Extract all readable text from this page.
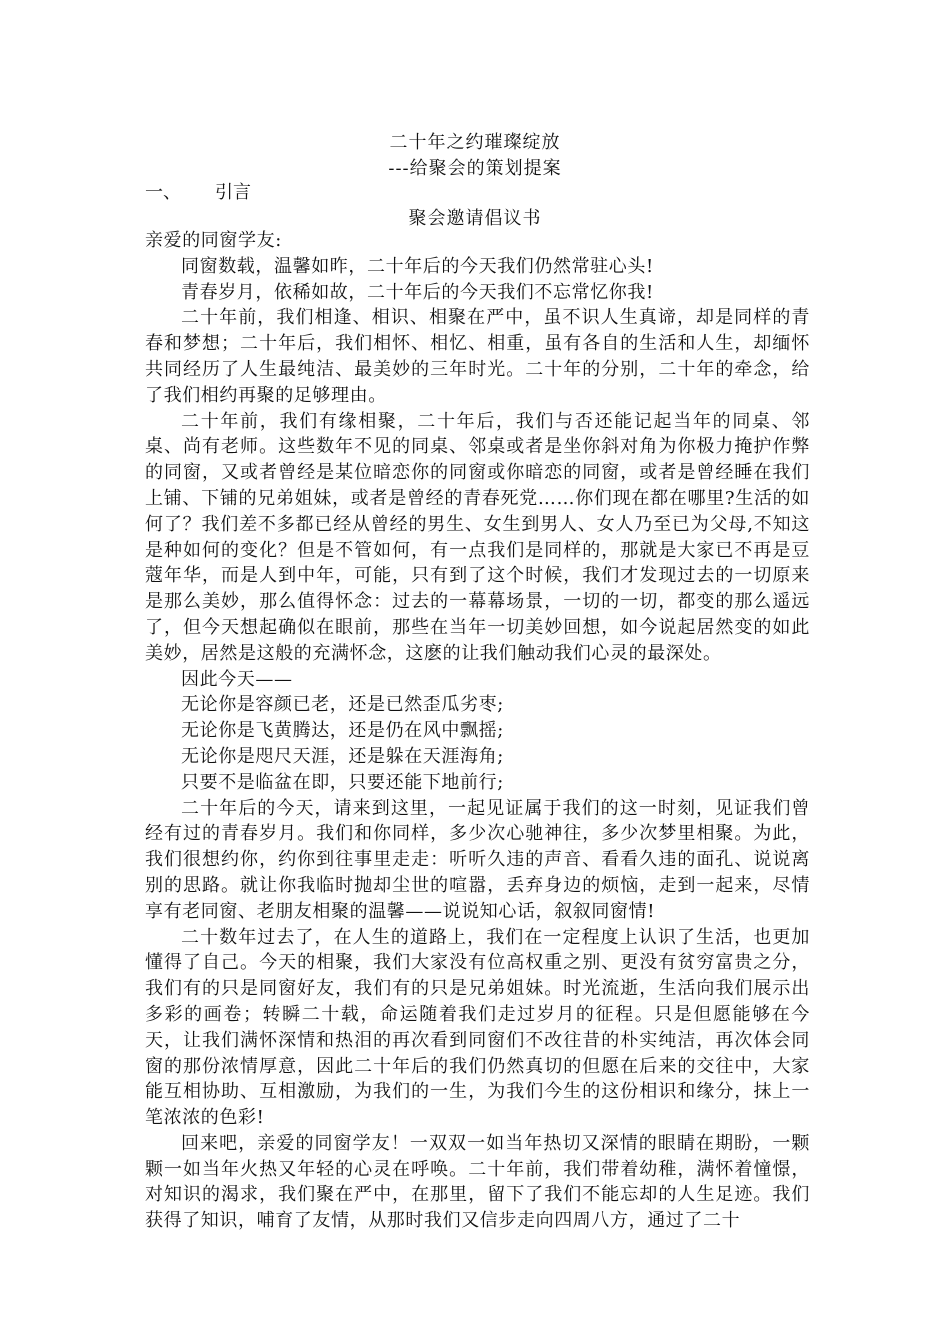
二十年之约璀璨绽放
---给聚会的策划提案
一、 引言
聚会邀请倡议书

亲爱的同窗学友:

同窗数载，温馨如昨，二十年后的今天我们仍然常驻心头!

青春岁月，依稀如故，二十年后的今天我们不忘常忆你我!

二十年前，我们相逢、相识、相聚在严中，虽不识人生真谛，却是同样的青春和梦想；二十年后，我们相怀、相忆、相重，虽有各自的生活和人生，却缅怀共同经历了人生最纯洁、最美妙的三年时光。二十年的分别，二十年的牵念，给了我们相约再聚的足够理由。

二十年前，我们有缘相聚，二十年后，我们与否还能记起当年的同桌、邻桌、尚有老师。这些数年不见的同桌、邻桌或者是坐你斜对角为你极力掩护作弊的同窗，又或者曾经是某位暗恋你的同窗或你暗恋的同窗，或者是曾经睡在我们上铺、下铺的兄弟姐妹，或者是曾经的青春死党……你们现在都在哪里?生活的如何了？我们差不多都已经从曾经的男生、女生到男人、女人乃至已为父母,不知这是种如何的变化？但是不管如何，有一点我们是同样的，那就是大家已不再是豆蔻年华，而是人到中年，可能，只有到了这个时候，我们才发现过去的一切原来是那么美妙，那么值得怀念：过去的一幕幕场景，一切的一切，都变的那么遥远了，但今天想起确似在眼前，那些在当年一切美妙回想，如今说起居然变的如此美妙，居然是这般的充满怀念，这麽的让我们触动我们心灵的最深处。

因此今天——

无论你是容颜已老，还是已然歪瓜劣枣;

无论你是飞黄腾达，还是仍在风中飘摇;

无论你是咫尺天涯，还是躲在天涯海角;

只要不是临盆在即，只要还能下地前行;

二十年后的今天，请来到这里，一起见证属于我们的这一时刻，见证我们曾经有过的青春岁月。我们和你同样，多少次心驰神往，多少次梦里相聚。为此，我们很想约你，约你到往事里走走：听听久违的声音、看看久违的面孔、说说离别的思路。就让你我临时抛却尘世的喧嚣，丢弃身边的烦恼，走到一起来，尽情享有老同窗、老朋友相聚的温馨——说说知心话，叙叙同窗情!

二十数年过去了，在人生的道路上，我们在一定程度上认识了生活，也更加懂得了自己。今天的相聚，我们大家没有位高权重之别、更没有贫穷富贵之分，我们有的只是同窗好友，我们有的只是兄弟姐妹。时光流逝，生活向我们展示出多彩的画卷；转瞬二十载，命运随着我们走过岁月的征程。只是但愿能够在今天，让我们满怀深情和热泪的再次看到同窗们不改往昔的朴实纯洁，再次体会同窗的那份浓情厚意，因此二十年后的我们仍然真切的但愿在后来的交往中，大家能互相协助、互相激励，为我们的一生，为我们今生的这份相识和缘分，抹上一笔浓浓的色彩!

回来吧，亲爱的同窗学友！一双双一如当年热切又深情的眼睛在期盼，一颗颗一如当年火热又年轻的心灵在呼唤。二十年前，我们带着幼稚，满怀着憧憬，对知识的渴求，我们聚在严中，在那里，留下了我们不能忘却的人生足迹。我们获得了知识，哺育了友情，从那时我们又信步走向四周八方，通过了二十
